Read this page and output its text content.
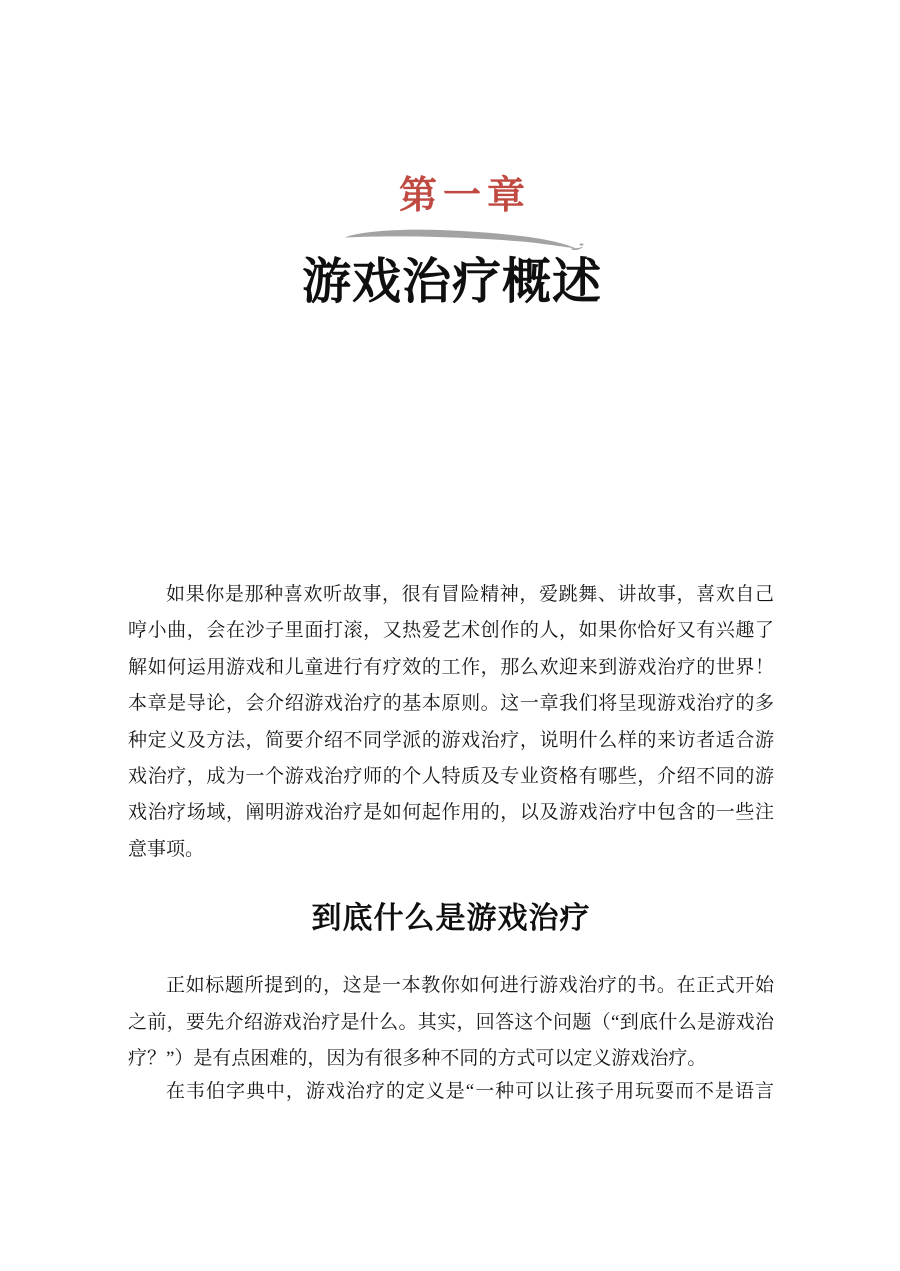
第一章
游戏治疗概述
如果你是那种喜欢听故事，很有冒险精神，爱跳舞、讲故事，喜欢自己
哼小曲，会在沙子里面打滚，又热爱艺术创作的人，如果你恰好又有兴趣了
解如何运用游戏和儿童进行有疗效的工作，那么欢迎来到游戏治疗的世界！
本章是导论，会介绍游戏治疗的基本原则。这一章我们将呈现游戏治疗的多
种定义及方法，简要介绍不同学派的游戏治疗，说明什么样的来访者适合游
戏治疗，成为一个游戏治疗师的个人特质及专业资格有哪些，介绍不同的游
戏治疗场域，阐明游戏治疗是如何起作用的，以及游戏治疗中包含的一些注
意事项。
到底什么是游戏治疗
正如标题所提到的，这是一本教你如何进行游戏治疗的书。在正式开始
之前，要先介绍游戏治疗是什么。其实，回答这个问题（“到底什么是游戏治
疗？”）是有点困难的，因为有很多种不同的方式可以定义游戏治疗。
在韦伯字典中，游戏治疗的定义是“一种可以让孩子用玩耍而不是语言
